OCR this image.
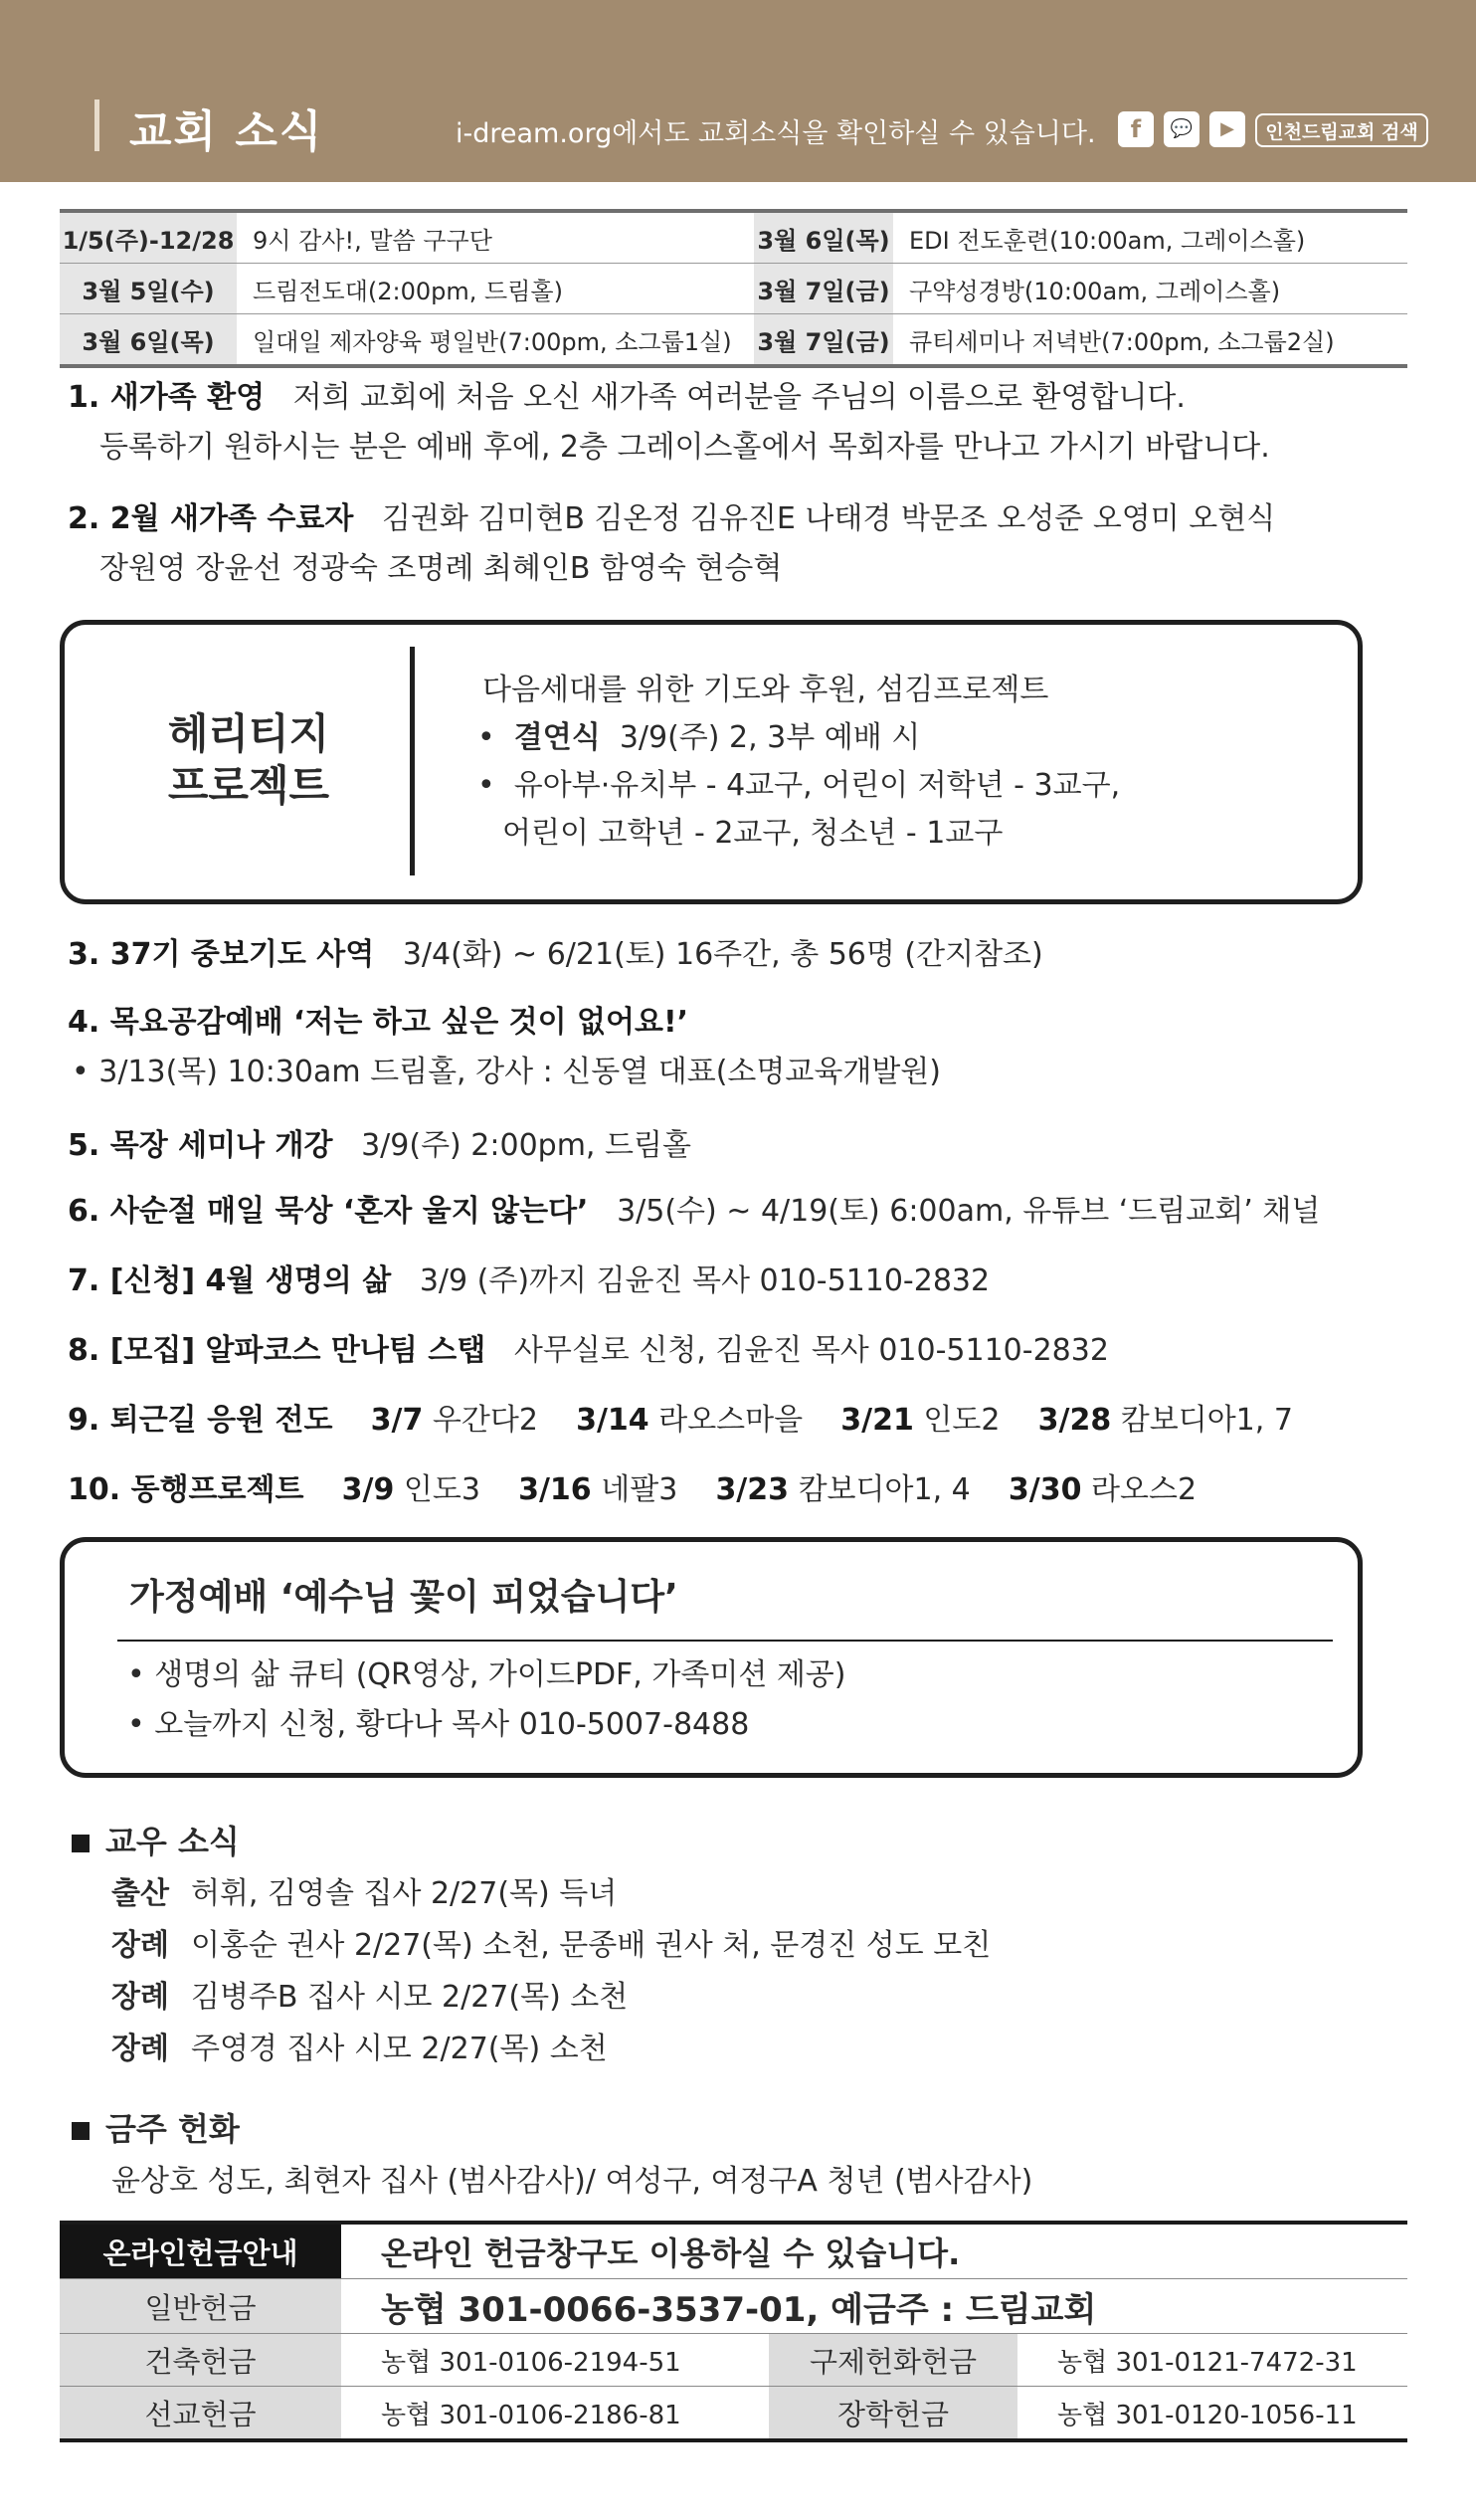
교회 소식	i-dream.org에서도 교회소식을 확인하실 수 있습니다.	f	💬	▶	인천드림교회 검색
1/5(주)-12/28 9시 감사!, 말씀 구구단	3월 6일(목) EDI 전도훈련(10:00am, 그레이스홀)
3월 5일(수)	드림전도대(2:00pm, 드림홀)	3월 7일(금) 구약성경방(10:00am, 그레이스홀)
3월 6일(목)	일대일 제자양육 평일반(7:00pm, 소그룹1실)	3월 7일(금) 큐티세미나 저녁반(7:00pm, 소그룹2실)
1. 새가족 환영 저희 교회에 처음 오신 새가족 여러분을 주님의 이름으로 환영합니다.
등록하기 원하시는 분은 예배 후에, 2층 그레이스홀에서 목회자를 만나고 가시기 바랍니다.
2. 2월 새가족 수료자 김권화 김미현B 김온정 김유진E 나태경 박문조 오성준 오영미 오현식
장원영 장윤선 정광숙 조명례 최혜인B 함영숙 현승혁
헤리티지
프로젝트
다음세대를 위한 기도와 후원, 섬김프로젝트
•  결연식 3/9(주) 2, 3부 예배 시
•  유아부·유치부 - 4교구, 어린이 저학년 - 3교구,
어린이 고학년 - 2교구, 청소년 - 1교구
3. 37기 중보기도 사역 3/4(화) ~ 6/21(토) 16주간, 총 56명 (간지참조)
4. 목요공감예배 ‘저는 하고 싶은 것이 없어요!’
• 3/13(목) 10:30am 드림홀, 강사 : 신동열 대표(소명교육개발원)
5. 목장 세미나 개강 3/9(주) 2:00pm, 드림홀
6. 사순절 매일 묵상 ‘혼자 울지 않는다’ 3/5(수) ~ 4/19(토) 6:00am, 유튜브 ‘드림교회’ 채널
7. [신청] 4월 생명의 삶 3/9 (주)까지 김윤진 목사 010-5110-2832
8. [모집] 알파코스 만나팀 스탭 사무실로 신청, 김윤진 목사 010-5110-2832
9. 퇴근길 응원 전도 3/7 우간다2 3/14 라오스마을 3/21 인도2 3/28 캄보디아1, 7
10. 동행프로젝트 3/9 인도3 3/16 네팔3 3/23 캄보디아1, 4 3/30 라오스2
가정예배 ‘예수님 꽃이 피었습니다’
• 생명의 삶 큐티 (QR영상, 가이드PDF, 가족미션 제공)
• 오늘까지 신청, 황다나 목사 010-5007-8488
교우 소식
출산 허휘, 김영솔 집사 2/27(목) 득녀
장례 이홍순 권사 2/27(목) 소천, 문종배 권사 처, 문경진 성도 모친
장례 김병주B 집사 시모 2/27(목) 소천
장례 주영경 집사 시모 2/27(목) 소천
금주 헌화
윤상호 성도, 최현자 집사 (범사감사)/ 여성구, 여정구A 청년 (범사감사)
온라인헌금안내	온라인 헌금창구도 이용하실 수 있습니다.
일반헌금	농협 301-0066-3537-01, 예금주 : 드림교회
건축헌금	농협 301-0106-2194-51	구제헌화헌금	농협 301-0121-7472-31
선교헌금	농협 301-0106-2186-81	장학헌금	농협 301-0120-1056-11
